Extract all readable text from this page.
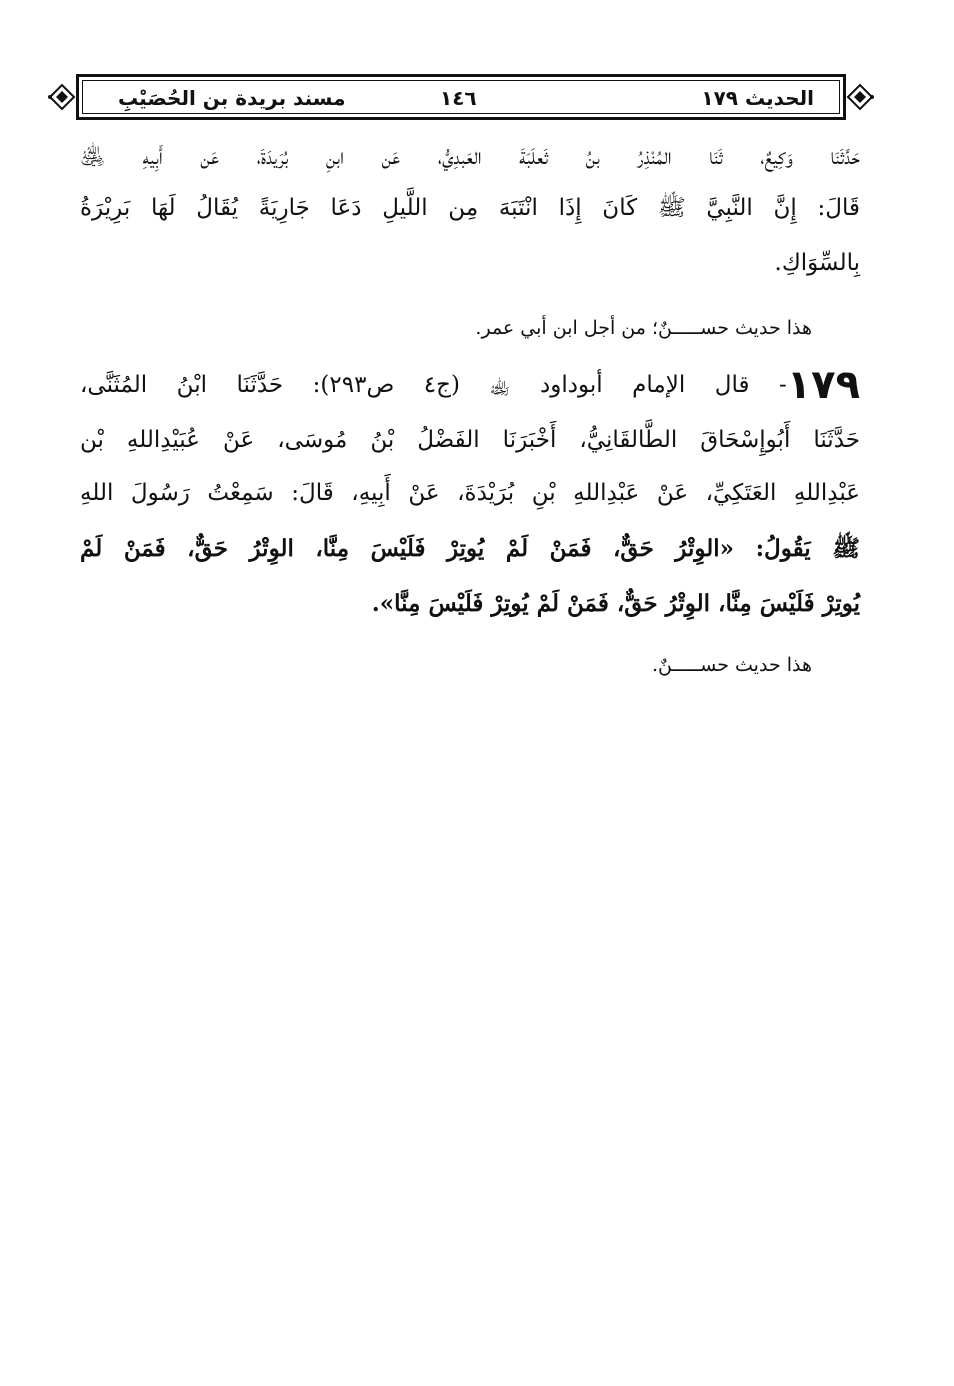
الحديث ١٧٩
١٤٦
مسند بريدة بن الحُصَيْبِ
حَدَّثَنَا وَكِيعٌ، ثَنَا المُنْذِرُ بنُ ثَعلَبَةَ العَبدِيُّ، عَن ابنِ بُرَيدَةَ، عَن أَبِيهِ ﵁
قَالَ: إِنَّ النَّبِيَّ ﷺ كَانَ إِذَا انْتَبَهَ مِن اللَّيلِ دَعَا جَارِيَةً يُقَالُ لَهَا بَرِيْرَةُ
بِالسِّوَاكِ.
هذا حديث حســـــنٌ؛ من أجل ابن أبي عمر.
١٧٩- قال الإمام أبوداود ﵀ (ج٤ ص٢٩٣): حَدَّثَنَا ابْنُ المُثَنَّى،
حَدَّثَنَا أَبُوإِسْحَاقَ الطَّالقَانِيُّ، أَخْبَرَنَا الفَضْلُ بْنُ مُوسَى، عَنْ عُبَيْدِاللهِ بْن
عَبْدِاللهِ العَتَكِيِّ، عَنْ عَبْدِاللهِ بْنِ بُرَيْدَةَ، عَنْ أَبِيهِ، قَالَ: سَمِعْتُ رَسُولَ اللهِ
ﷺ يَقُولُ: «الوِتْرُ حَقٌّ، فَمَنْ لَمْ يُوتِرْ فَلَيْسَ مِنَّا، الوِتْرُ حَقٌّ، فَمَنْ لَمْ
يُوتِرْ فَلَيْسَ مِنَّا، الوِتْرُ حَقٌّ، فَمَنْ لَمْ يُوتِرْ فَلَيْسَ مِنَّا».
هذا حديث حســـــنٌ.
